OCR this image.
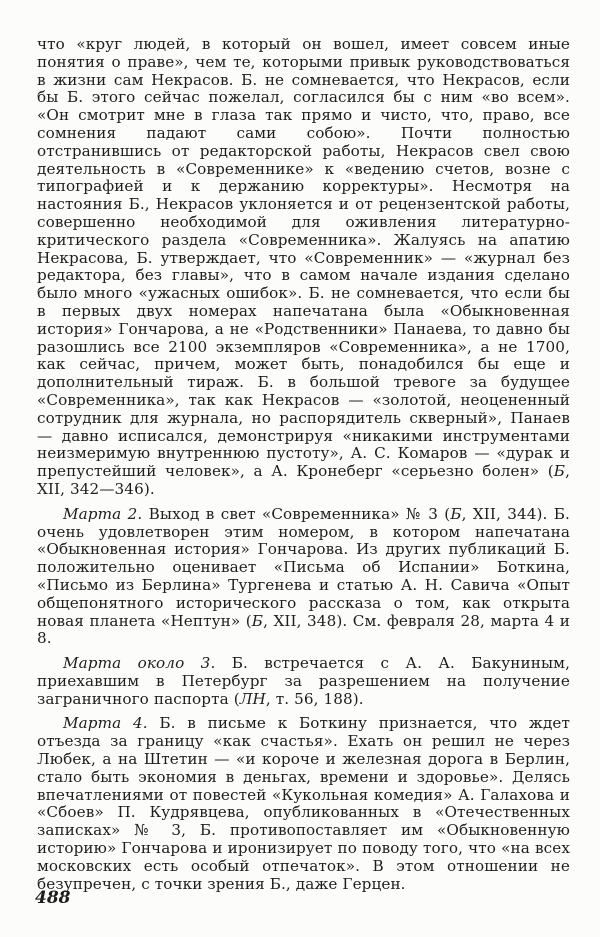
что «круг людей, в который он вошел, имеет совсем иные понятия о праве», чем те, которыми привык руководствоваться в жизни сам Некрасов. Б. не сомневается, что Некрасов, если бы Б. этого сейчас пожелал, согласился бы с ним «во всем». «Он смотрит мне в глаза так прямо и чисто, что, право, все сомнения падают сами собою». Почти полностью отстранившись от редакторской работы, Некрасов свел свою деятельность в «Современнике» к «ведению счетов, возне с типографией и к держанию корректуры». Несмотря на настояния Б., Некрасов уклоняется и от рецензентской работы, совершенно необходимой для оживления литературно-критического раздела «Современника». Жалуясь на апатию Некрасова, Б. утверждает, что «Современник» — «журнал без редактора, без главы», что в самом начале издания сделано было много «ужасных ошибок». Б. не сомневается, что если бы в первых двух номерах напечатана была «Обыкновенная история» Гончарова, а не «Родственники» Панаева, то давно бы разошлись все 2100 экземпляров «Современника», а не 1700, как сейчас, причем, может быть, понадобился бы еще и дополнительный тираж. Б. в большой тревоге за будущее «Современника», так как Некрасов — «золотой, неоцененный сотрудник для журнала, но распорядитель скверный», Панаев — давно исписался, демонстрируя «никакими инструментами неизмеримую внутреннюю пустоту», А. С. Комаров — «дурак и препустейший человек», а А. Кронеберг «серьезно болен» (Б, XII, 342—346).

Марта 2. Выход в свет «Современника» № 3 (Б, XII, 344). Б. очень удовлетворен этим номером, в котором напечатана «Обыкновенная история» Гончарова. Из других публикаций Б. положительно оценивает «Письма об Испании» Боткина, «Письмо из Берлина» Тургенева и статью А. Н. Савича «Опыт общепонятного исторического рассказа о том, как открыта новая планета «Нептун» (Б, XII, 348). См. февраля 28, марта 4 и 8.

Марта около 3. Б. встречается с А. А. Бакуниным, приехавшим в Петербург за разрешением на получение заграничного паспорта (ЛН, т. 56, 188).

Марта 4. Б. в письме к Боткину признается, что ждет отъезда за границу «как счастья». Ехать он решил не через Любек, а на Штетин — «и короче и железная дорога в Берлин, стало быть экономия в деньгах, времени и здоровье». Делясь впечатлениями от повестей «Кукольная комедия» А. Галахова и «Сбоев» П. Кудрявцева, опубликованных в «Отечественных записках» № 3, Б. противопоставляет им «Обыкновенную историю» Гончарова и иронизирует по поводу того, что «на всех московских есть особый отпечаток». В этом отношении не безупречен, с точки зрения Б., даже Герцен.

488
